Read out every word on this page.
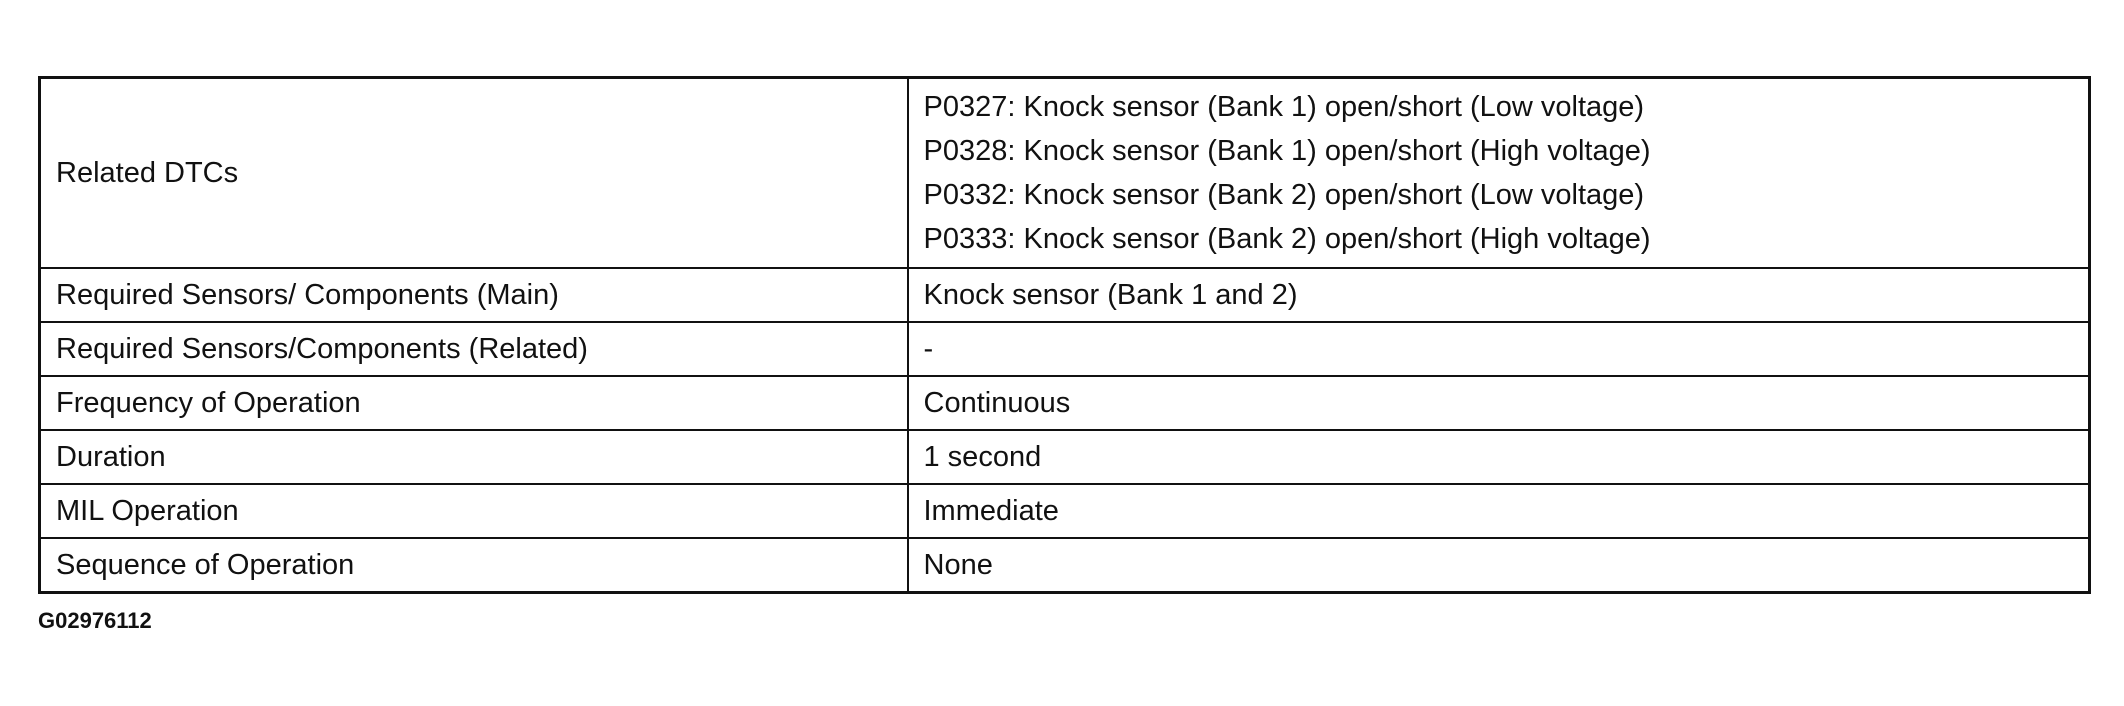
Related DTCs	P0327: Knock sensor (Bank 1) open/short (Low voltage)
P0328: Knock sensor (Bank 1) open/short (High voltage)
P0332: Knock sensor (Bank 2) open/short (Low voltage)
P0333: Knock sensor (Bank 2) open/short (High voltage)

Required Sensors/ Components (Main)	Knock sensor (Bank 1 and 2)
Required Sensors/Components (Related)	-
Frequency of Operation	Continuous
Duration	1 second
MIL Operation	Immediate
Sequence of Operation	None
G02976112
